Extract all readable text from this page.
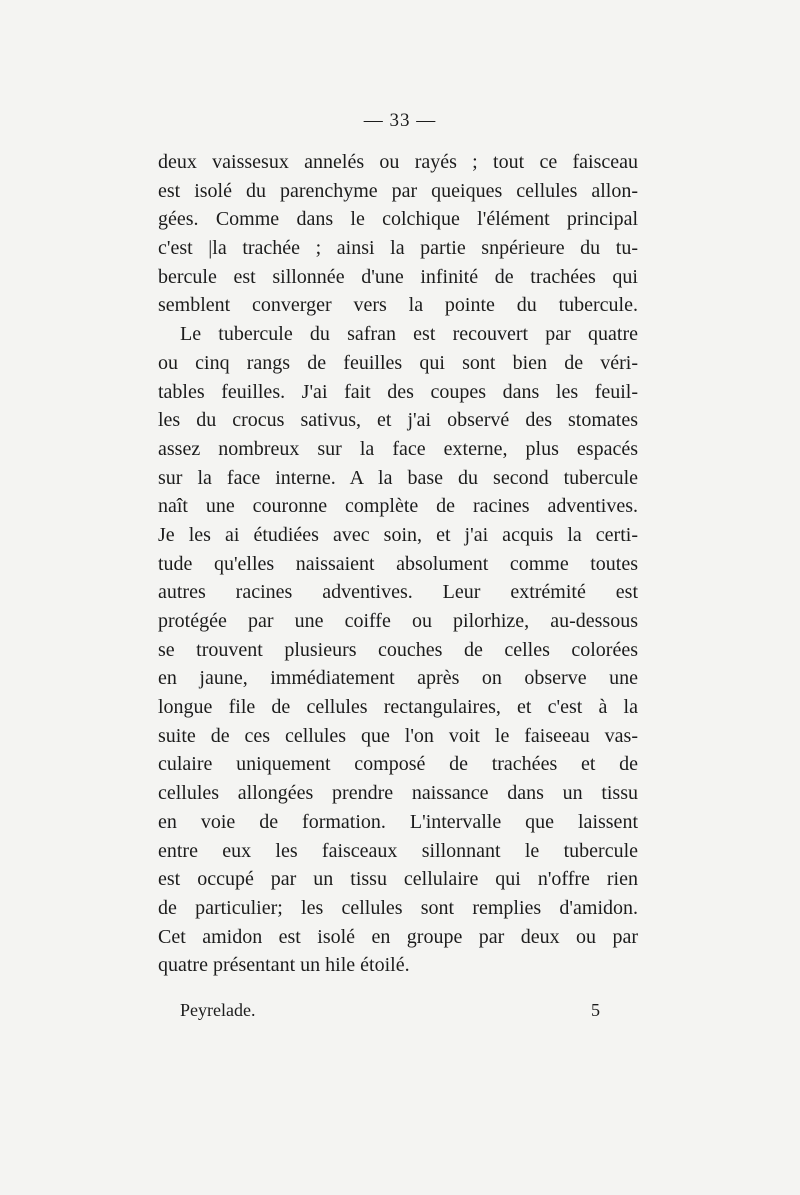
— 33 —
deux vaissesux annelés ou rayés ; tout ce faisceau
est isolé du parenchyme par queiques cellules allon-
gées. Comme dans le colchique l'élément principal
c'est |la trachée ; ainsi la partie snpérieure du tu-
bercule est sillonnée d'une infinité de trachées qui
semblent converger vers la pointe du tubercule.
Le tubercule du safran est recouvert par quatre
ou cinq rangs de feuilles qui sont bien de véri-
tables feuilles. J'ai fait des coupes dans les feuil-
les du crocus sativus, et j'ai observé des stomates
assez nombreux sur la face externe, plus espacés
sur la face interne. A la base du second tubercule
naît une couronne complète de racines adventives.
Je les ai étudiées avec soin, et j'ai acquis la certi-
tude qu'elles naissaient absolument comme toutes
autres racines adventives. Leur extrémité est
protégée par une coiffe ou pilorhize, au-dessous
se trouvent plusieurs couches de celles colorées
en jaune, immédiatement après on observe une
longue file de cellules rectangulaires, et c'est à la
suite de ces cellules que l'on voit le faiseeau vas-
culaire uniquement composé de trachées et de
cellules allongées prendre naissance dans un tissu
en voie de formation. L'intervalle que laissent
entre eux les faisceaux sillonnant le tubercule
est occupé par un tissu cellulaire qui n'offre rien
de particulier; les cellules sont remplies d'amidon.
Cet amidon est isolé en groupe par deux ou par
quatre présentant un hile étoilé.
Peyrelade.	5
